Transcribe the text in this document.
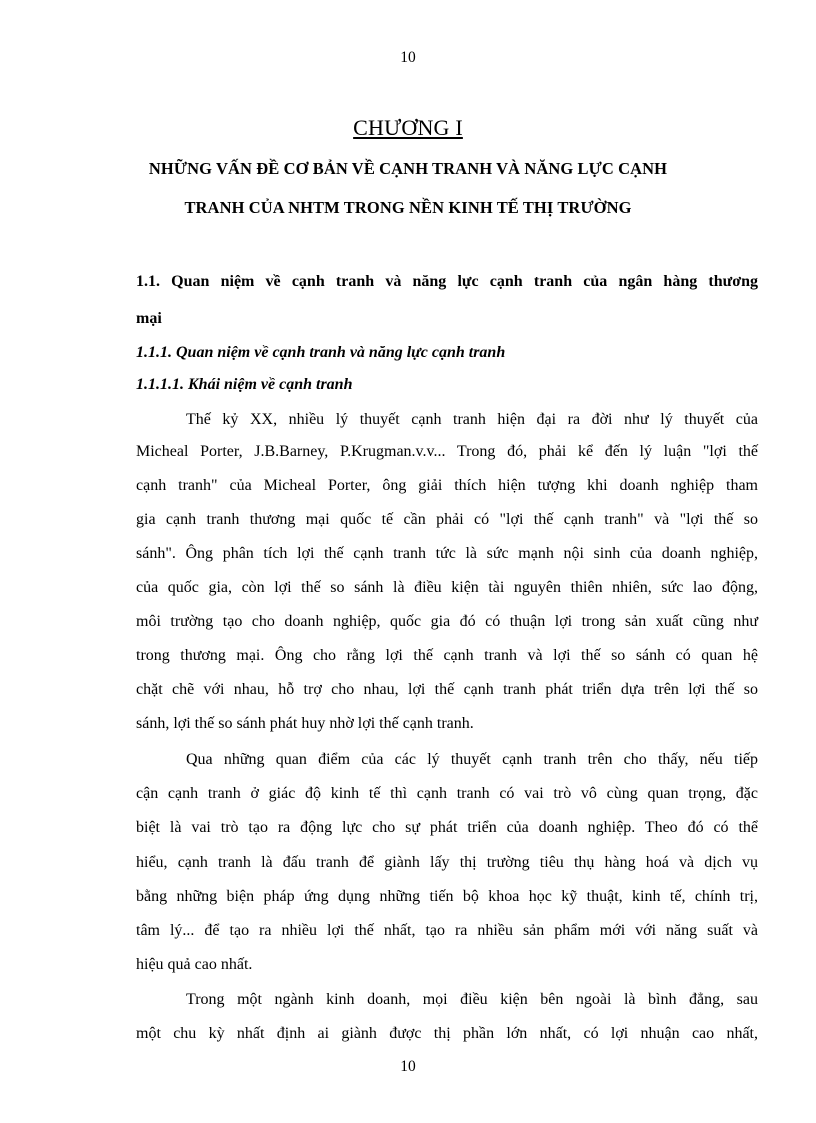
10
CHƯƠNG I
NHỮNG VẤN ĐỀ CƠ BẢN VỀ CẠNH TRANH VÀ NĂNG LỰC CẠNH
TRANH CỦA NHTM TRONG NỀN KINH TẾ THỊ TRƯỜNG
1.1. Quan niệm về cạnh tranh và năng lực cạnh tranh của ngân hàng thương
mại
1.1.1. Quan niệm về cạnh tranh và năng lực cạnh tranh
1.1.1.1. Khái niệm về cạnh tranh
Thế kỷ XX, nhiều lý thuyết cạnh tranh hiện đại ra đời như lý thuyết của
Micheal Porter, J.B.Barney, P.Krugman.v.v... Trong đó, phải kể đến lý luận "lợi thế
cạnh tranh" của Micheal Porter, ông giải thích hiện tượng khi doanh nghiệp tham
gia cạnh tranh thương mại quốc tế cần phải có "lợi thế cạnh tranh" và "lợi thế so
sánh". Ông phân tích lợi thế cạnh tranh tức là sức mạnh nội sinh của doanh nghiệp,
của quốc gia, còn lợi thế so sánh là điều kiện tài nguyên thiên nhiên, sức lao động,
môi trường tạo cho doanh nghiệp, quốc gia đó có thuận lợi trong sản xuất cũng như
trong thương mại. Ông cho rằng lợi thế cạnh tranh và lợi thế so sánh có quan hệ
chặt chẽ với nhau, hỗ trợ cho nhau, lợi thế cạnh tranh phát triển dựa trên lợi thế so
sánh, lợi thế so sánh phát huy nhờ lợi thế cạnh tranh.
Qua những quan điểm của các lý thuyết cạnh tranh trên cho thấy, nếu tiếp
cận cạnh tranh ở giác độ kinh tế thì cạnh tranh có vai trò vô cùng quan trọng, đặc
biệt là vai trò tạo ra động lực cho sự phát triển của doanh nghiệp. Theo đó có thể
hiểu, cạnh tranh là đấu tranh để giành lấy thị trường tiêu thụ hàng hoá và dịch vụ
bằng những biện pháp ứng dụng những tiến bộ khoa học kỹ thuật, kinh tế, chính trị,
tâm lý... để tạo ra nhiều lợi thế nhất, tạo ra nhiều sản phẩm mới với năng suất và
hiệu quả cao nhất.
Trong một ngành kinh doanh, mọi điều kiện bên ngoài là bình đẳng, sau
một chu kỳ nhất định ai giành được thị phần lớn nhất, có lợi nhuận cao nhất,
10
